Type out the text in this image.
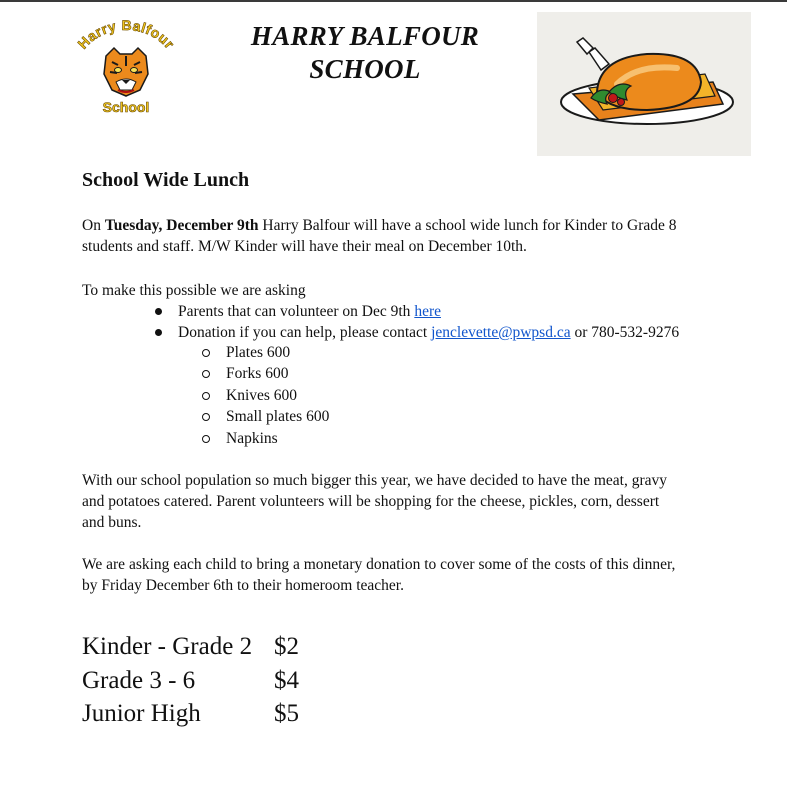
Harry Balfour
School
HARRY BALFOUR
SCHOOL
School Wide Lunch
On Tuesday, December 9th Harry Balfour will have a school wide lunch for Kinder to Grade 8
students and staff. M/W Kinder will have their meal on December 10th.
To make this possible we are asking
Parents that can volunteer on Dec 9th here
Donation if you can help, please contact jenclevette@pwpsd.ca or 780-532-9276
Plates 600
Forks 600
Knives 600
Small plates 600
Napkins
With our school population so much bigger this year, we have decided to have the meat, gravy
and potatoes catered. Parent volunteers will be shopping for the cheese, pickles, corn, dessert
and buns.
We are asking each child to bring a monetary donation to cover some of the costs of this dinner,
by Friday December 6th to their homeroom teacher.
Kinder - Grade 2 $2
Grade 3 - 6	$4
Junior High	$5
